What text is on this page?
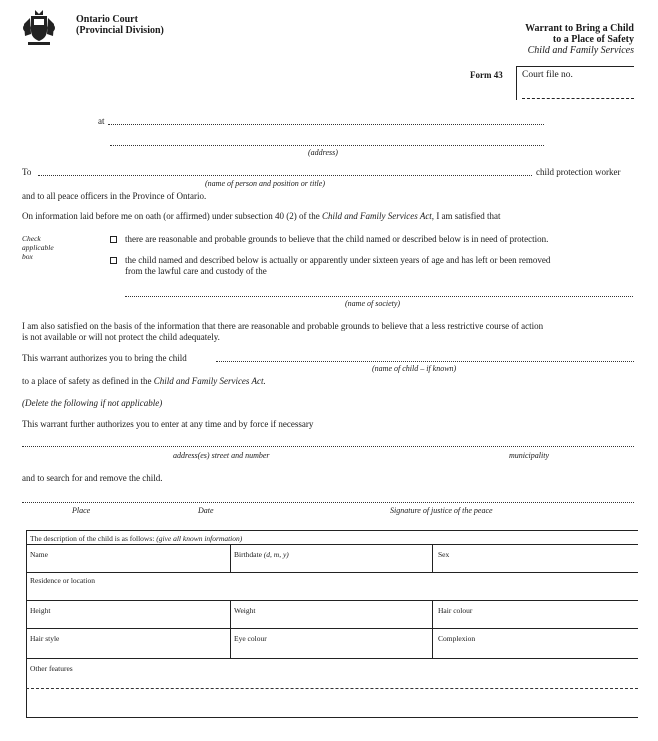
Ontario Court
(Provincial Division)	Warrant to Bring a Child
to a Place of Safety
Child and Family Services
Form 43 Court file no.
at
(address)
To	child protection worker
(name of person and position or title)
and to all peace officers in the Province of Ontario.
On information laid before me on oath (or affirmed) under subsection 40 (2) of the Child and Family Services Act, I am satisfied that
Check
applicable
box
there are reasonable and probable grounds to believe that the child named or described below is in need of protection.
the child named and described below is actually or apparently under sixteen years of age and has left or been removed
from the lawful care and custody of the
(name of society)
I am also satisfied on the basis of the information that there are reasonable and probable grounds to believe that a less restrictive course of action
is not available or will not protect the child adequately.
This warrant authorizes you to bring the child
(name of child – if known)
to a place of safety as defined in the Child and Family Services Act.
(Delete the following if not applicable)
This warrant further authorizes you to enter at any time and by force if necessary
address(es) street and number	municipality
and to search for and remove the child.
Place	Date	Signature of justice of the peace
The description of the child is as follows: (give all known information)
Name	Birthdate (d, m, y)	Sex
Residence or location
Height	Weight	Hair colour
Hair style	Eye colour	Complexion
Other features
